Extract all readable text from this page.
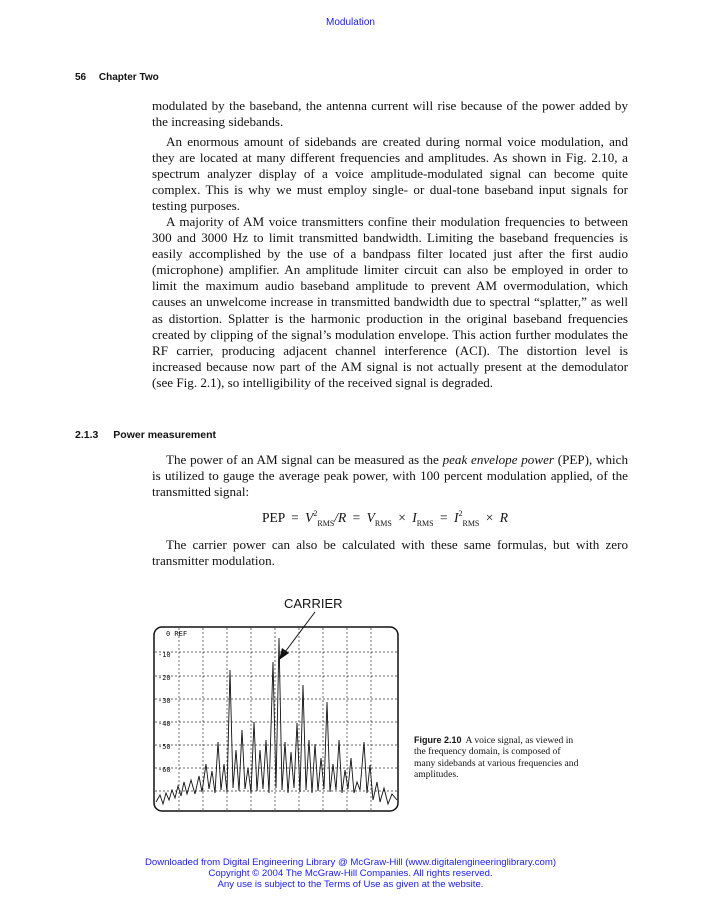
Modulation
56 Chapter Two

modulated by the baseband, the antenna current will rise because of the power added by the increasing sidebands.

An enormous amount of sidebands are created during normal voice modulation, and they are located at many different frequencies and amplitudes. As shown in Fig. 2.10, a spectrum analyzer display of a voice amplitude-modulated signal can become quite complex. This is why we must employ single- or dual-tone baseband input signals for testing purposes.

A majority of AM voice transmitters confine their modulation frequencies to between 300 and 3000 Hz to limit transmitted bandwidth. Limiting the baseband frequencies is easily accomplished by the use of a bandpass filter located just after the first audio (microphone) amplifier. An amplitude limiter circuit can also be employed in order to limit the maximum audio baseband amplitude to prevent AM overmodulation, which causes an unwelcome increase in transmitted bandwidth due to spectral “splatter,” as well as distortion. Splatter is the harmonic production in the original baseband frequencies created by clipping of the signal’s modulation envelope. This action further modulates the RF carrier, producing adjacent channel interference (ACI). The distortion level is increased because now part of the AM signal is not actually present at the demodulator (see Fig. 2.1), so intelligibility of the received signal is degraded.

2.1.3 Power measurement

The power of an AM signal can be measured as the peak envelope power (PEP), which is utilized to gauge the average peak power, with 100 percent modulation applied, of the transmitted signal:

PEP = $V^2_{RMS}/R = V_{RMS} \times I_{RMS} = I^2_{RMS} \times R$

The carrier power can also be calculated with these same formulas, but with zero transmitter modulation.

CARRIER
0 REF
-10
-20
-30
-40
-50
-60
Figure 2.10 A voice signal, as viewed in the frequency domain, is composed of many sidebands at various frequencies and amplitudes.
Downloaded from Digital Engineering Library @ McGraw-Hill (www.digitalengineeringlibrary.com)
Copyright © 2004 The McGraw-Hill Companies. All rights reserved.
Any use is subject to the Terms of Use as given at the website.
